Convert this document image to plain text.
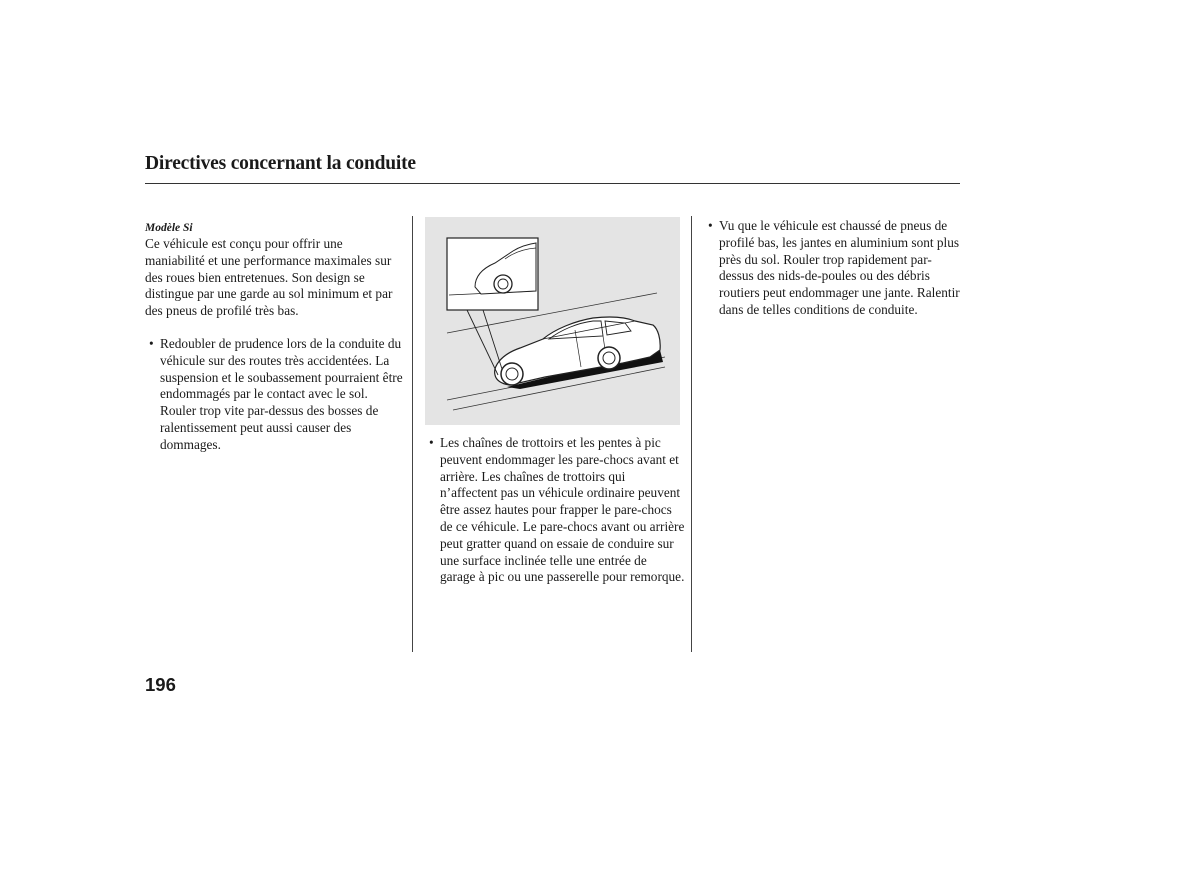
Directives concernant la conduite
Modèle Si

Ce véhicule est conçu pour offrir une maniabilité et une performance maximales sur des roues bien entretenues. Son design se distingue par une garde au sol minimum et par des pneus de profilé très bas.

• Redoubler de prudence lors de la conduite du véhicule sur des routes très accidentées. La suspension et le soubassement pourraient être endommagés par le contact avec le sol. Rouler trop vite par-dessus des bosses de ralentissement peut aussi causer des dommages.	• Les chaînes de trottoirs et les pentes à pic peuvent endommager les pare-chocs avant et arrière. Les chaînes de trottoirs qui n’affectent pas un véhicule ordinaire peuvent être assez hautes pour frapper le pare-chocs de ce véhicule. Le pare-chocs avant ou arrière peut gratter quand on essaie de conduire sur une surface inclinée telle une entrée de garage à pic ou une passerelle pour remorque.
• Vu que le véhicule est chaussé de pneus de profilé bas, les jantes en aluminium sont plus près du sol. Rouler trop rapidement par-dessus des nids-de-poules ou des débris routiers peut endommager une jante. Ralentir dans de telles conditions de conduite.
196
